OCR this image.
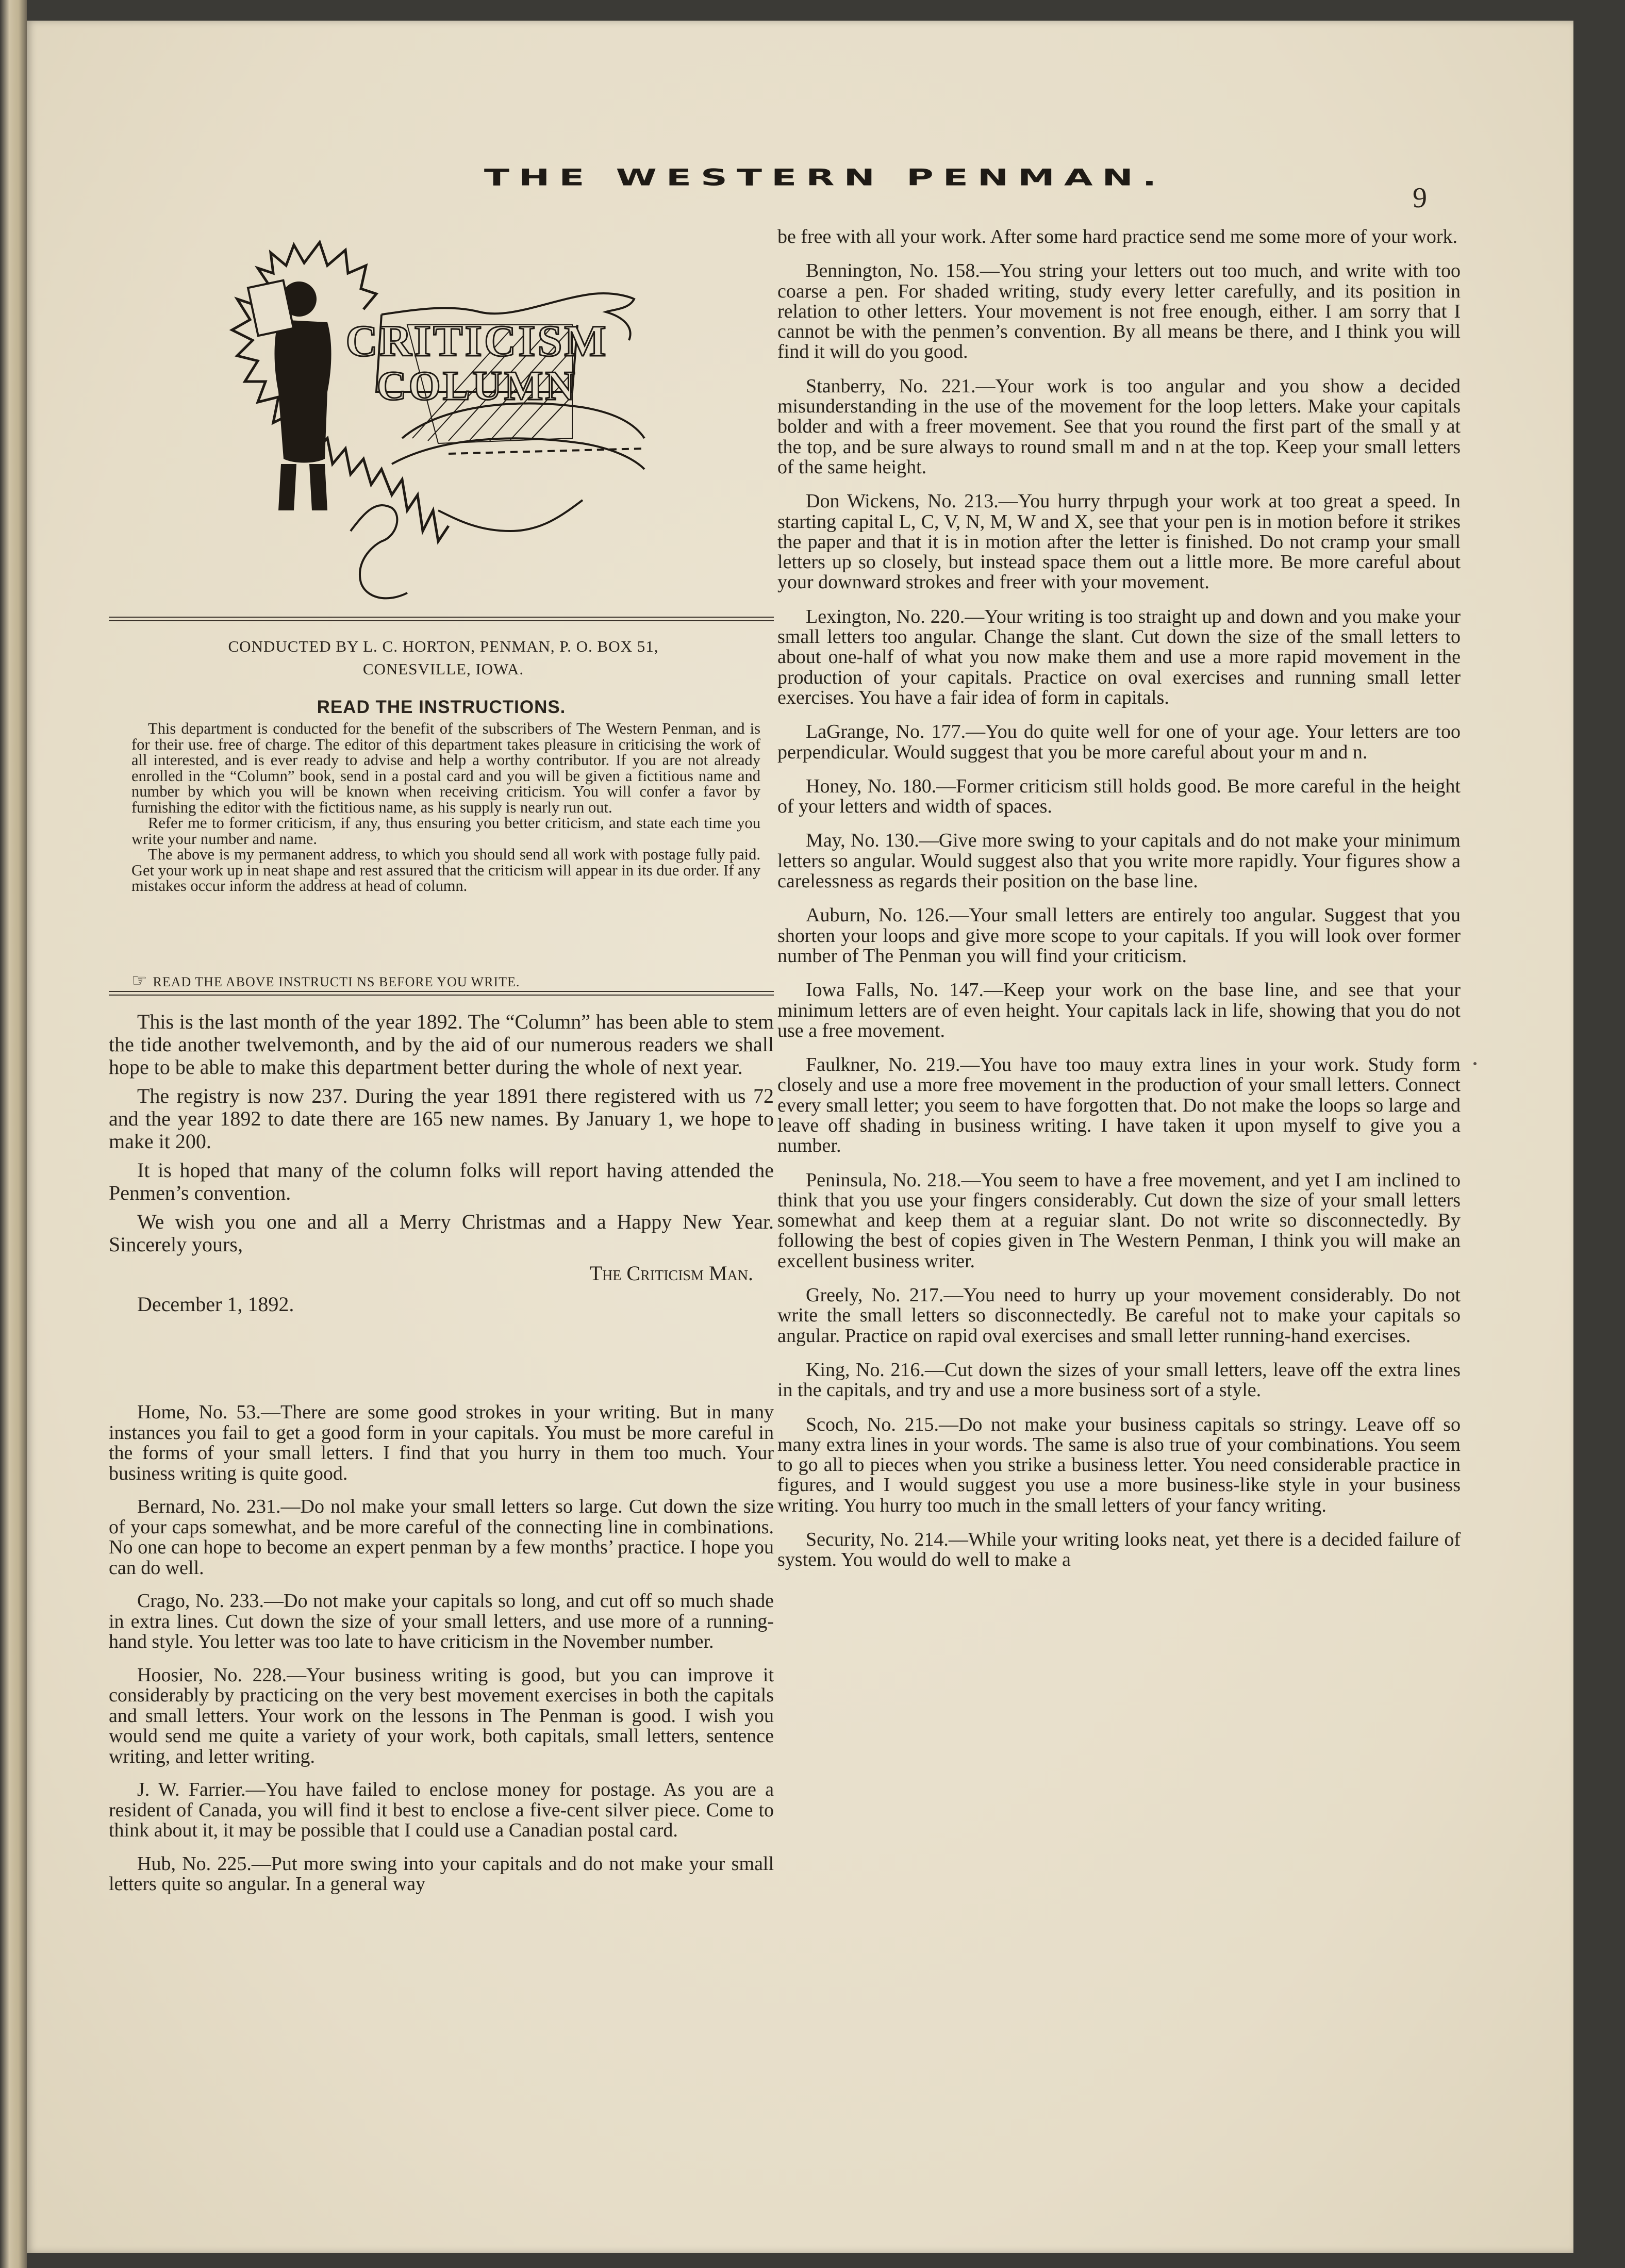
THE WESTERN PENMAN.
9
CRITICISM
COLUMN
CONDUCTED BY L. C. HORTON, PENMAN, P. O. BOX 51,
CONESVILLE, IOWA.
READ THE INSTRUCTIONS.

This department is conducted for the benefit of the subscribers of The Western Penman, and is for their use. free of charge. The editor of this department takes pleasure in criticising the work of all interested, and is ever ready to advise and help a worthy contributor. If you are not already enrolled in the “Column” book, send in a postal card and you will be given a fictitious name and number by which you will be known when receiving criticism. You will confer a favor by furnishing the editor with the fictitious name, as his supply is nearly run out.

Refer me to former criticism, if any, thus ensuring you better criticism, and state each time you write your number and name.

The above is my permanent address, to which you should send all work with postage fully paid. Get your work up in neat shape and rest assured that the criticism will appear in its due order. If any mistakes occur inform the address at head of column.

☞ READ THE ABOVE INSTRUCTI NS BEFORE YOU WRITE.

This is the last month of the year 1892. The “Column” has been able to stem the tide another twelvemonth, and by the aid of our numerous readers we shall hope to be able to make this department better during the whole of next year.

The registry is now 237. During the year 1891 there registered with us 72 and the year 1892 to date there are 165 new names. By January 1, we hope to make it 200.

It is hoped that many of the column folks will report having attended the Penmen’s convention.

We wish you one and all a Merry Christmas and a Happy New Year. Sincerely yours,

The Criticism Man.
December 1, 1892.

Home, No. 53.—There are some good strokes in your writing. But in many instances you fail to get a good form in your capitals. You must be more careful in the forms of your small letters. I find that you hurry in them too much. Your business writing is quite good.

Bernard, No. 231.—Do nol make your small letters so large. Cut down the size of your caps somewhat, and be more careful of the connecting line in combinations. No one can hope to become an expert penman by a few months’ practice. I hope you can do well.

Crago, No. 233.—Do not make your capitals so long, and cut off so much shade in extra lines. Cut down the size of your small letters, and use more of a running-hand style. You letter was too late to have criticism in the November number.

Hoosier, No. 228.—Your business writing is good, but you can improve it considerably by practicing on the very best movement exercises in both the capitals and small letters. Your work on the lessons in The Penman is good. I wish you would send me quite a variety of your work, both capitals, small letters, sentence writing, and letter writing.

J. W. Farrier.—You have failed to enclose money for postage. As you are a resident of Canada, you will find it best to enclose a five-cent silver piece. Come to think about it, it may be possible that I could use a Canadian postal card.

Hub, No. 225.—Put more swing into your capitals and do not make your small letters quite so angular. In a general way

be free with all your work. After some hard practice send me some more of your work.

Bennington, No. 158.—You string your letters out too much, and write with too coarse a pen. For shaded writing, study every letter carefully, and its position in relation to other letters. Your movement is not free enough, either. I am sorry that I cannot be with the penmen’s convention. By all means be there, and I think you will find it will do you good.

Stanberry, No. 221.—Your work is too angular and you show a decided misunderstanding in the use of the movement for the loop letters. Make your capitals bolder and with a freer movement. See that you round the first part of the small y at the top, and be sure always to round small m and n at the top. Keep your small letters of the same height.

Don Wickens, No. 213.—You hurry thrpugh your work at too great a speed. In starting capital L, C, V, N, M, W and X, see that your pen is in motion before it strikes the paper and that it is in motion after the letter is finished. Do not cramp your small letters up so closely, but instead space them out a little more. Be more careful about your downward strokes and freer with your movement.

Lexington, No. 220.—Your writing is too straight up and down and you make your small letters too angular. Change the slant. Cut down the size of the small letters to about one-half of what you now make them and use a more rapid movement in the production of your capitals. Practice on oval exercises and running small letter exercises. You have a fair idea of form in capitals.

LaGrange, No. 177.—You do quite well for one of your age. Your letters are too perpendicular. Would suggest that you be more careful about your m and n.

Honey, No. 180.—Former criticism still holds good. Be more careful in the height of your letters and width of spaces.

May, No. 130.—Give more swing to your capitals and do not make your minimum letters so angular. Would suggest also that you write more rapidly. Your figures show a carelessness as regards their position on the base line.

Auburn, No. 126.—Your small letters are entirely too angular. Suggest that you shorten your loops and give more scope to your capitals. If you will look over former number of The Penman you will find your criticism.

Iowa Falls, No. 147.—Keep your work on the base line, and see that your minimum letters are of even height. Your capitals lack in life, showing that you do not use a free movement.

Faulkner, No. 219.—You have too mauy extra lines in your work. Study form closely and use a more free movement in the production of your small letters. Connect every small letter; you seem to have forgotten that. Do not make the loops so large and leave off shading in business writing. I have taken it upon myself to give you a number.

Peninsula, No. 218.—You seem to have a free movement, and yet I am inclined to think that you use your fingers considerably. Cut down the size of your small letters somewhat and keep them at a reguiar slant. Do not write so disconnectedly. By following the best of copies given in The Western Penman, I think you will make an excellent business writer.

Greely, No. 217.—You need to hurry up your movement considerably. Do not write the small letters so disconnectedly. Be careful not to make your capitals so angular. Practice on rapid oval exercises and small letter running-hand exercises.

King, No. 216.—Cut down the sizes of your small letters, leave off the extra lines in the capitals, and try and use a more business sort of a style.

Scoch, No. 215.—Do not make your business capitals so stringy. Leave off so many extra lines in your words. The same is also true of your combinations. You seem to go all to pieces when you strike a business letter. You need considerable practice in figures, and I would suggest you use a more business-like style in your business writing. You hurry too much in the small letters of your fancy writing.

Security, No. 214.—While your writing looks neat, yet there is a decided failure of system. You would do well to make a
